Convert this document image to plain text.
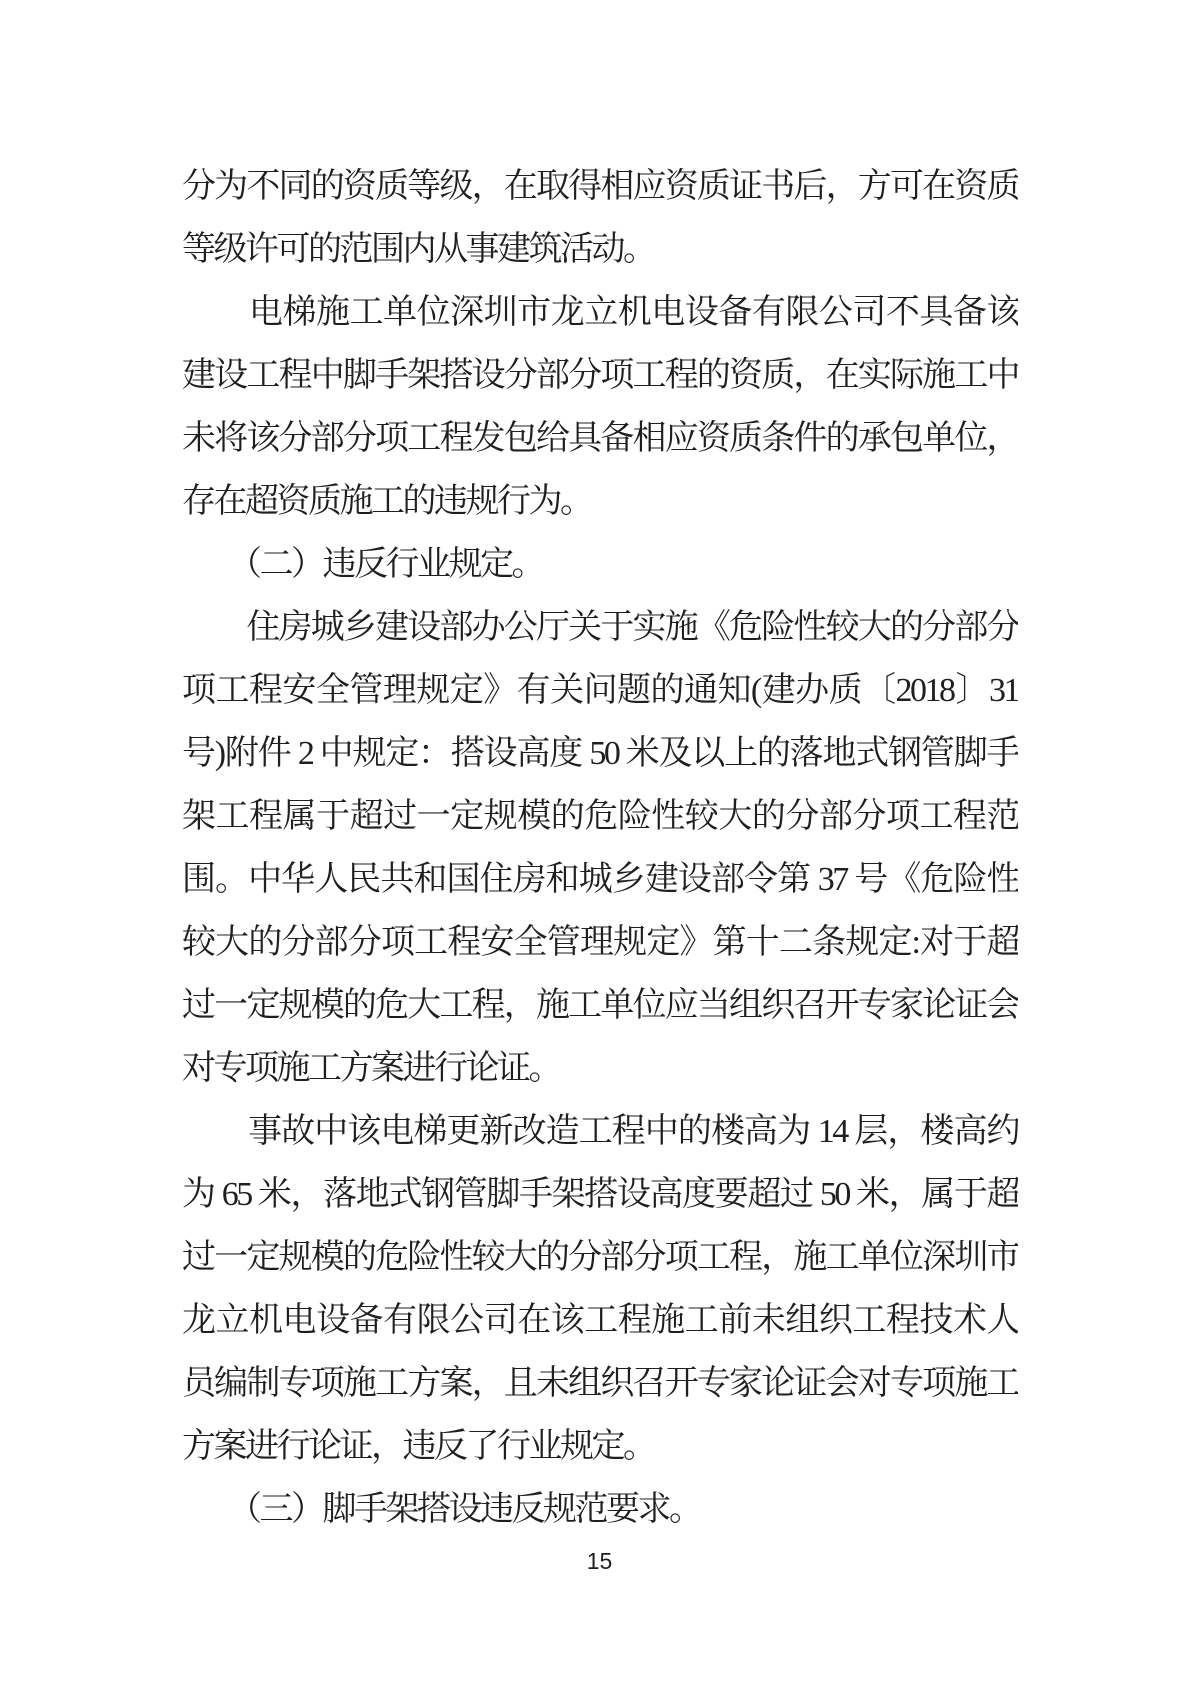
分为不同的资质等级，在取得相应资质证书后，方可在资质
等级许可的范围内从事建筑活动。
　　电梯施工单位深圳市龙立机电设备有限公司不具备该
建设工程中脚手架搭设分部分项工程的资质，在实际施工中
未将该分部分项工程发包给具备相应资质条件的承包单位，
存在超资质施工的违规行为。
　　（二）违反行业规定。
　　住房城乡建设部办公厅关于实施《危险性较大的分部分
项工程安全管理规定》有关问题的通知(建办质〔2018〕31
号)附件 2 中规定：搭设高度 50 米及以上的落地式钢管脚手
架工程属于超过一定规模的危险性较大的分部分项工程范
围。中华人民共和国住房和城乡建设部令第 37 号《危险性
较大的分部分项工程安全管理规定》第十二条规定:对于超
过一定规模的危大工程，施工单位应当组织召开专家论证会
对专项施工方案进行论证。
　　事故中该电梯更新改造工程中的楼高为 14 层，楼高约
为 65 米，落地式钢管脚手架搭设高度要超过 50 米，属于超
过一定规模的危险性较大的分部分项工程，施工单位深圳市
龙立机电设备有限公司在该工程施工前未组织工程技术人
员编制专项施工方案，且未组织召开专家论证会对专项施工
方案进行论证，违反了行业规定。
　　（三）脚手架搭设违反规范要求。
15
